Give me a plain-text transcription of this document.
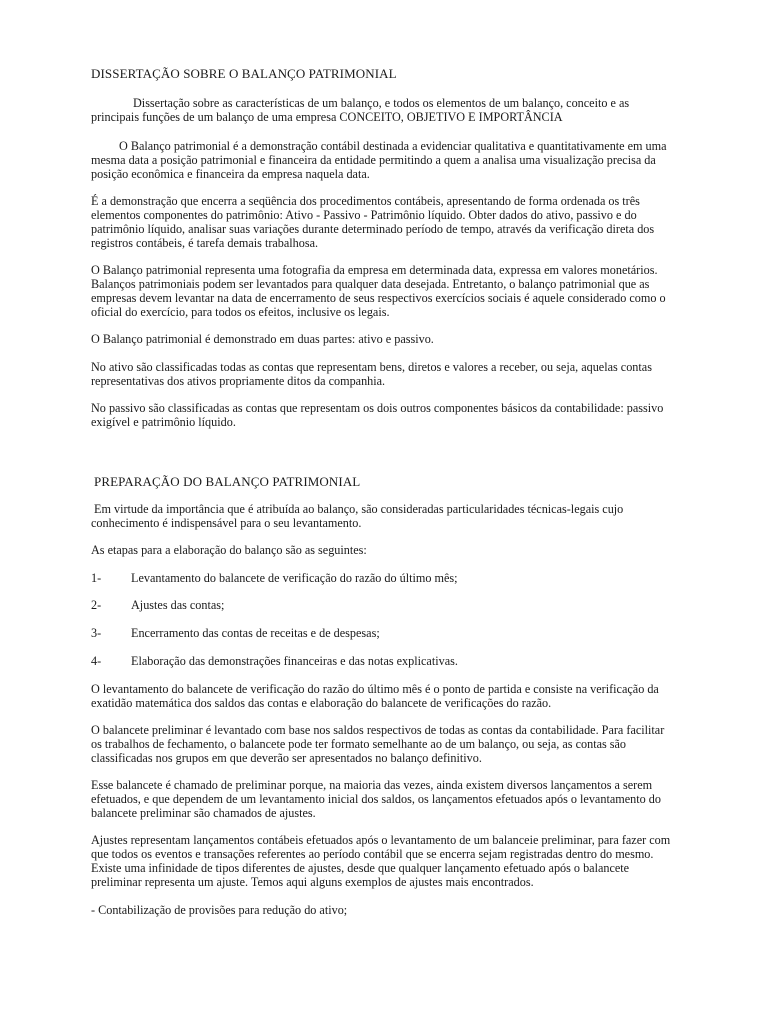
DISSERTAÇÃO SOBRE O BALANÇO PATRIMONIAL

Dissertação sobre as características de um balanço, e todos os elementos de um balanço, conceito e as principais funções de um balanço de uma empresa CONCEITO, OBJETIVO E IMPORTÂNCIA

O Balanço patrimonial é a demonstração contábil destinada a evidenciar qualitativa e quantitativamente em uma mesma data a posição patrimonial e financeira da entidade permitindo a quem a analisa uma visualização precisa da posição econômica e financeira da empresa naquela data.

É a demonstração que encerra a seqüência dos procedimentos contábeis, apresentando de forma ordenada os três elementos componentes do patrimônio: Ativo - Passivo - Patrimônio líquido. Obter dados do ativo, passivo e do patrimônio líquido, analisar suas variações durante determinado período de tempo, através da verificação direta dos registros contábeis, é tarefa demais trabalhosa.

O Balanço patrimonial representa uma fotografia da empresa em determinada data, expressa em valores monetários. Balanços patrimoniais podem ser levantados para qualquer data desejada. Entretanto, o balanço patrimonial que as empresas devem levantar na data de encerramento de seus respectivos exercícios sociais é aquele considerado como o oficial do exercício, para todos os efeitos, inclusive os legais.

O Balanço patrimonial é demonstrado em duas partes: ativo e passivo.

No ativo são classificadas todas as contas que representam bens, diretos e valores a receber, ou seja, aquelas contas representativas dos ativos propriamente ditos da companhia.

No passivo são classificadas as contas que representam os dois outros componentes básicos da contabilidade: passivo exigível e patrimônio líquido.

PREPARAÇÃO DO BALANÇO PATRIMONIAL

Em virtude da importância que é atribuída ao balanço, são consideradas particularidades técnicas-legais cujo conhecimento é indispensável para o seu levantamento.

As etapas para a elaboração do balanço são as seguintes:

1-	Levantamento do balancete de verificação do razão do último mês;
2-	Ajustes das contas;
3-	Encerramento das contas de receitas e de despesas;
4-	Elaboração das demonstrações financeiras e das notas explicativas.

O levantamento do balancete de verificação do razão do último mês é o ponto de partida e consiste na verificação da exatidão matemática dos saldos das contas e elaboração do balancete de verificações do razão.

O balancete preliminar é levantado com base nos saldos respectivos de todas as contas da contabilidade. Para facilitar os trabalhos de fechamento, o balancete pode ter formato semelhante ao de um balanço, ou seja, as contas são classificadas nos grupos em que deverão ser apresentados no balanço definitivo.

Esse balancete é chamado de preliminar porque, na maioria das vezes, ainda existem diversos lançamentos a serem efetuados, e que dependem de um levantamento inicial dos saldos, os lançamentos efetuados após o levantamento do balancete preliminar são chamados de ajustes.

Ajustes representam lançamentos contábeis efetuados após o levantamento de um balanceie preliminar, para fazer com que todos os eventos e transações referentes ao período contábil que se encerra sejam registradas dentro do mesmo. Existe uma infinidade de tipos diferentes de ajustes, desde que qualquer lançamento efetuado após o balancete preliminar representa um ajuste. Temos aqui alguns exemplos de ajustes mais encontrados.

- Contabilização de provisões para redução do ativo;
